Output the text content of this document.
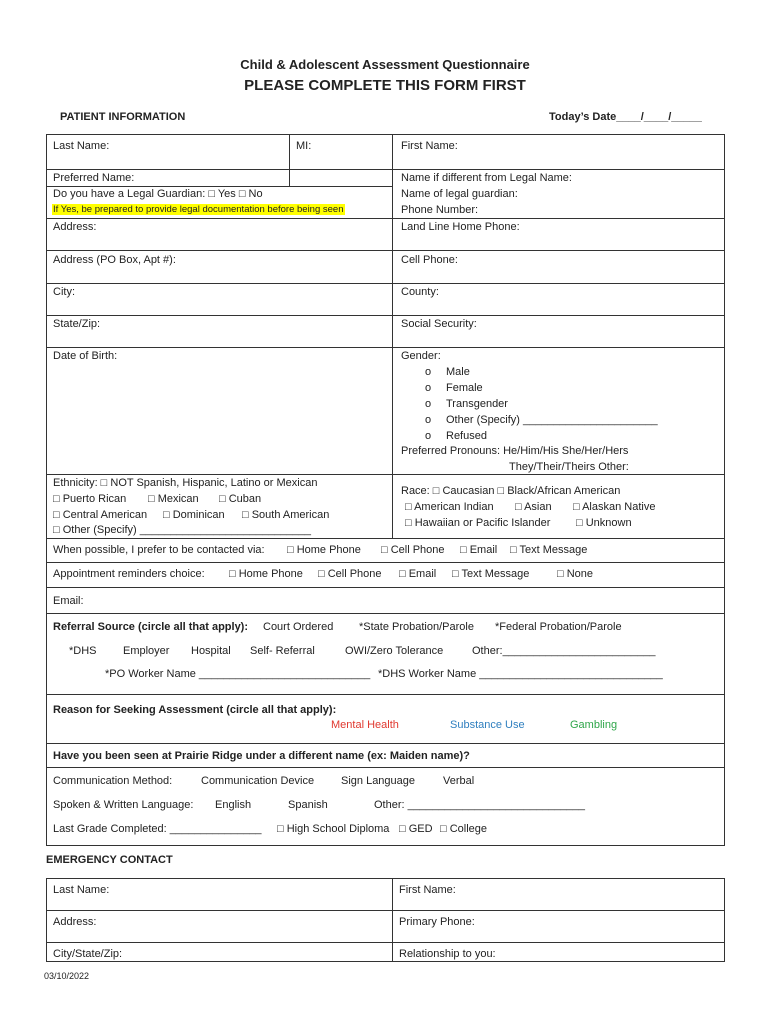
Child & Adolescent Assessment Questionnaire
PLEASE COMPLETE THIS FORM FIRST
PATIENT INFORMATION	Today’s Date____/____/_____
Last Name:	MI:	First Name:
Preferred Name:
Do you have a Legal Guardian: □ Yes □ No
If Yes, be prepared to provide legal documentation before being seen
Name if different from Legal Name:
Name of legal guardian:
Phone Number:
Address:	Land Line Home Phone:
Address (PO Box, Apt #):	Cell Phone:
City:	County:
State/Zip:	Social Security:
Date of Birth:	Gender:
o Male
o Female
o Transgender
o Other (Specify) ______________________
o Refused
Preferred Pronouns: He/Him/His She/Her/Hers
They/Their/Theirs Other:
Ethnicity: □ NOT Spanish, Hispanic, Latino or Mexican
□ Puerto Rican □ Mexican □ Cuban
□ Central American □ Dominican □ South American
□ Other (Specify) ____________________________
Race: □ Caucasian □ Black/African American
□ American Indian □ Asian □ Alaskan Native
□ Hawaiian or Pacific Islander □ Unknown
When possible, I prefer to be contacted via: □ Home Phone □ Cell Phone □ Email □ Text Message
Appointment reminders choice: □ Home Phone □ Cell Phone □ Email □ Text Message	□ None
Email:
Referral Source (circle all that apply): Court Ordered *State Probation/Parole *Federal Probation/Parole
*DHS Employer Hospital Self- Referral	OWI/Zero Tolerance	Other:_________________________
*PO Worker Name ____________________________ *DHS Worker Name ______________________________
Reason for Seeking Assessment (circle all that apply):
Mental Health	Substance Use	Gambling
Have you been seen at Prairie Ridge under a different name (ex: Maiden name)?
Communication Method:	Communication Device Sign Language	Verbal
Spoken & Written Language: English	Spanish	Other: _____________________________
Last Grade Completed: _______________ □ High School Diploma □ GED □ College
EMERGENCY CONTACT
Last Name:	First Name:
Address:	Primary Phone:
City/State/Zip:	Relationship to you:
03/10/2022
